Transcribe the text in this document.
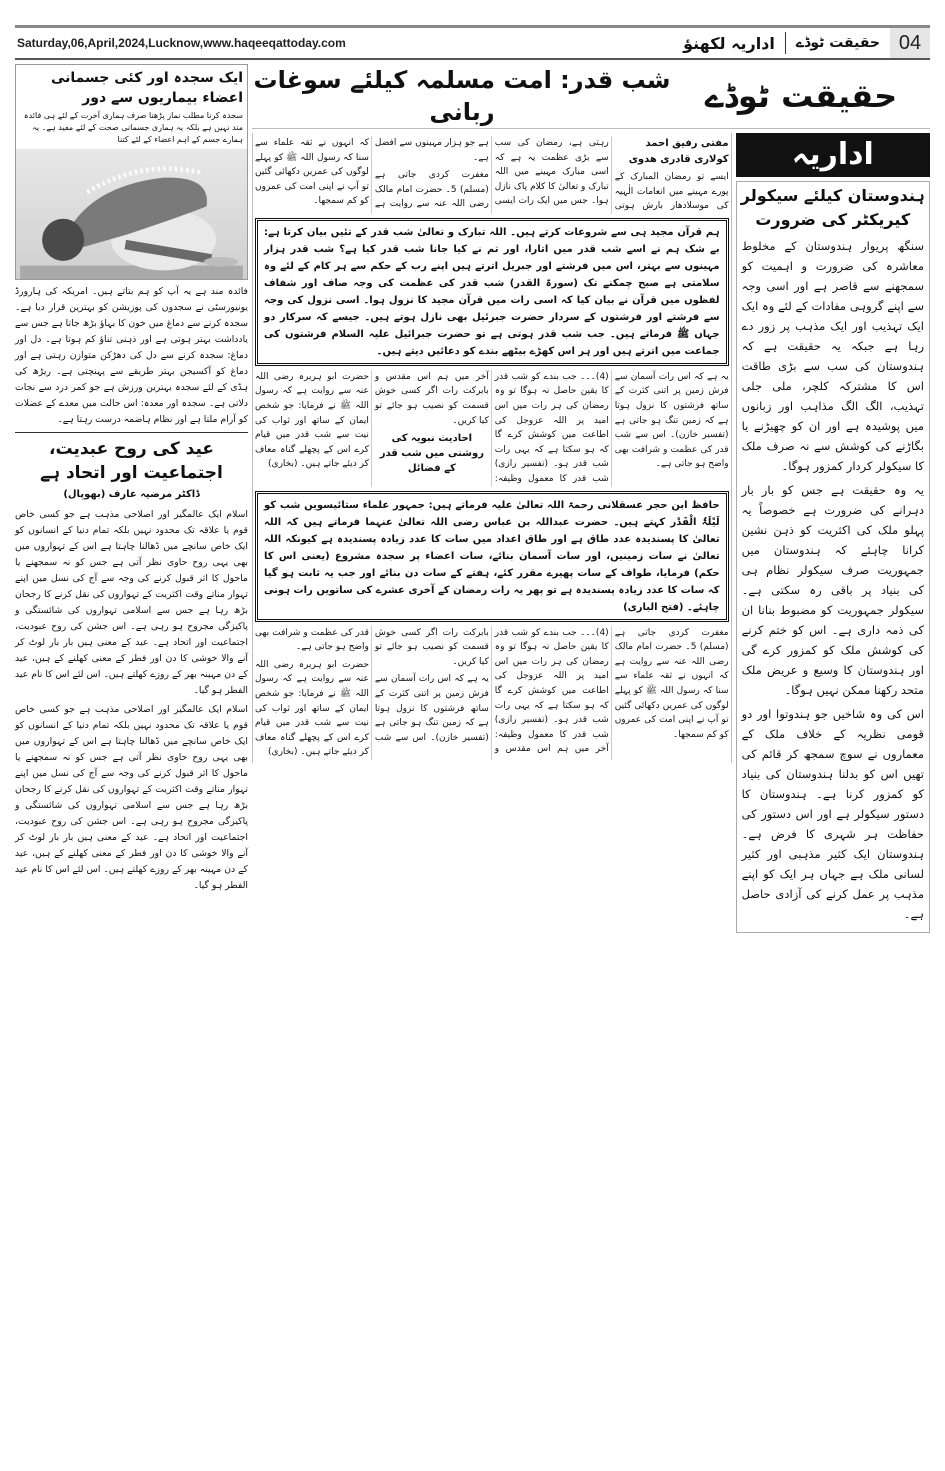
Saturday,06,April,2024,Lucknow,www.haqeeqattoday.com	اداریہ لکھنؤ حقیقت ٹوڈے 04
ایک سجدہ اور کئی جسمانی اعضاء بیماریوں سے دور

سجدہ کرنا مطلب نماز پڑھنا صرف ہماری آخرت کے لئے ہی فائدہ مند نہیں ہے بلکہ یہ ہماری جسمانی صحت کے لئے مفید ہے۔ یہ ہمارے جسم کے اہم اعضاء کے لئے کتنا

فائدہ مند ہے یہ آپ کو ہم بتاتے ہیں۔ امریکہ کی ہارورڈ یونیورسٹی نے سجدوں کی پوزیشن کو بہترین قرار دیا ہے۔ سجدہ کرنے سے دماغ میں خون کا بہاؤ بڑھ جاتا ہے جس سے یادداشت بہتر ہوتی ہے اور ذہنی تناؤ کم ہوتا ہے۔ دل اور دماغ: سجدہ کرنے سے دل کی دھڑکن متوازن رہتی ہے اور دماغ کو آکسیجن بہتر طریقے سے پہنچتی ہے۔ ریڑھ کی ہڈی کے لئے سجدہ بہترین ورزش ہے جو کمر درد سے نجات دلاتی ہے۔ سجدہ اور معدہ: اس حالت میں معدے کے عضلات کو آرام ملتا ہے اور نظام ہاضمہ درست رہتا ہے۔
عید کی روح عبدیت، اجتماعیت اور اتحاد ہے
ڈاکٹر مرضیہ عارف (بھوپال)

اسلام ایک عالمگیر اور اصلاحی مذہب ہے جو کسی خاص قوم یا علاقہ تک محدود نہیں بلکہ تمام دنیا کے انسانوں کو ایک خاص سانچے میں ڈھالنا چاہتا ہے اس کے تہواروں میں بھی یہی روح حاوی نظر آتی ہے جس کو نہ سمجھنے یا ماحول کا اثر قبول کرنے کی وجہ سے آج کی نسل میں اپنے تہوار مناتے وقت اکثریت کے تہواروں کی نقل کرنے کا رجحان بڑھ رہا ہے جس سے اسلامی تہواروں کی شائستگی و پاکیزگی مجروح ہو رہی ہے۔ اس جشن کی روح عبودیت، اجتماعیت اور اتحاد ہے۔ عید کے معنی ہیں بار بار لوٹ کر آنے والا خوشی کا دن اور فطر کے معنی کھلنے کے ہیں، عید کے دن مہینہ بھر کے روزے کھلتے ہیں۔ اس لئے اس کا نام عید الفطر ہو گیا۔

اسلام ایک عالمگیر اور اصلاحی مذہب ہے جو کسی خاص قوم یا علاقہ تک محدود نہیں بلکہ تمام دنیا کے انسانوں کو ایک خاص سانچے میں ڈھالنا چاہتا ہے اس کے تہواروں میں بھی یہی روح حاوی نظر آتی ہے جس کو نہ سمجھنے یا ماحول کا اثر قبول کرنے کی وجہ سے آج کی نسل میں اپنے تہوار مناتے وقت اکثریت کے تہواروں کی نقل کرنے کا رجحان بڑھ رہا ہے جس سے اسلامی تہواروں کی شائستگی و پاکیزگی مجروح ہو رہی ہے۔ اس جشن کی روح عبودیت، اجتماعیت اور اتحاد ہے۔ عید کے معنی ہیں بار بار لوٹ کر آنے والا خوشی کا دن اور فطر کے معنی کھلنے کے ہیں، عید کے دن مہینہ بھر کے روزے کھلتے ہیں۔ اس لئے اس کا نام عید الفطر ہو گیا۔

شب قدر: امت مسلمہ کیلئے سوغات ربانی	حقیقت ٹوڈے
مفتی رفیق احمد کولاری قادری ھدوی

ایسے تو رمضان المبارک کے پورے مہینے میں انعامات الٰہیہ کی موسلادھار بارش ہوتی رہتی ہے، رمضان کی سب سے بڑی عظمت یہ ہے کہ اسی مبارک مہینے میں اللہ تبارک و تعالیٰ کا کلام پاک نازل ہوا۔ جس میں ایک رات ایسی ہے جو ہزار مہینوں سے افضل ہے۔

مغفرت کردی جاتی ہے (مسلم) 5۔ حضرت امام مالک رضی اللہ عنہ سے روایت ہے کہ انہوں نے ثقہ علماء سے سنا کہ رسول اللہ ﷺ کو پہلے لوگوں کی عمریں دکھائی گئیں تو آپ نے اپنی امت کی عمروں کو کم سمجھا۔

ہم قرآن مجید ہی سے شروعات کرتے ہیں۔ اللہ تبارک و تعالیٰ شب قدر کے تئیں بیان کرتا ہے: بے شک ہم نے اسے شب قدر میں اتارا، اور تم نے کیا جانا شب قدر کیا ہے؟ شب قدر ہزار مہینوں سے بہتر، اس میں فرشتے اور جبریل اترتے ہیں اپنے رب کے حکم سے ہر کام کے لئے وہ سلامتی ہے صبح چمکنے تک (سورۃ القدر) شب قدر کی عظمت کی وجہ صاف اور شفاف لفظوں میں قرآن نے بیان کیا کہ اسی رات میں قرآن مجید کا نزول ہوا۔ اسی نزول کی وجہ سے فرشتے اور فرشتوں کے سردار حضرت جبرئیل بھی نازل ہوتے ہیں۔ جیسے کہ سرکار دو جہاں ﷺ فرماتے ہیں۔ جب شب قدر ہوتی ہے تو حضرت جبرائیل علیہ السلام فرشتوں کی جماعت میں اترتے ہیں اور ہر اس کھڑے بیٹھے بندے کو دعائیں دیتے ہیں۔

یہ ہے کہ اس رات آسمان سے فرش زمین پر اتنی کثرت کے ساتھ فرشتوں کا نزول ہوتا ہے کہ زمین تنگ ہو جاتی ہے (تفسیر خازن)۔ اس سے شب قدر کی عظمت و شرافت بھی واضح ہو جاتی ہے۔

(4)۔۔۔ جب بندے کو شب قدر کا یقین حاصل نہ ہوگا تو وہ رمضان کی ہر رات میں اس امید پر اللہ عزوجل کی اطاعت میں کوشش کرے گا کہ ہو سکتا ہے کہ یہی رات شب قدر ہو۔ (تفسیر رازی) شب قدر کا معمول وظیفہ: آخر میں ہم اس مقدس و بابرکت رات اگر کسی خوش قسمت کو نصیب ہو جائے تو کیا کریں۔

احادیث نبویہ کی روشنی میں شب قدر کے فضائل

حضرت ابو ہریرہ رضی اللہ عنہ سے روایت ہے کہ رسول اللہ ﷺ نے فرمایا: جو شخص ایمان کے ساتھ اور ثواب کی نیت سے شب قدر میں قیام کرے اس کے پچھلے گناہ معاف کر دیئے جاتے ہیں۔ (بخاری)

حافظ ابن حجر عسقلانی رحمۃ اللہ تعالیٰ علیہ فرماتے ہیں: جمہور علماء ستائیسویں شب کو لَیْلَۃُ الْقَدْر کہتے ہیں۔ حضرت عبداللہ بن عباس رضی اللہ تعالیٰ عنہما فرماتے ہیں کہ اللہ تعالیٰ کا پسندیدہ عدد طاق ہے اور طاق اعداد میں سات کا عدد زیادہ پسندیدہ ہے کیونکہ اللہ تعالیٰ نے سات زمینیں، اور سات آسمان بنائے، سات اعضاء پر سجدہ مشروع (یعنی اس کا حکم) فرمایا، طواف کے سات پھیرے مقرر کئے، ہفتے کے سات دن بنائے اور جب یہ ثابت ہو گیا کہ سات کا عدد زیادہ پسندیدہ ہے تو پھر یہ رات رمضان کے آخری عشرے کی ساتویں رات ہونی چاہئے۔ (فتح الباری)

مغفرت کردی جاتی ہے (مسلم) 5۔ حضرت امام مالک رضی اللہ عنہ سے روایت ہے کہ انہوں نے ثقہ علماء سے سنا کہ رسول اللہ ﷺ کو پہلے لوگوں کی عمریں دکھائی گئیں تو آپ نے اپنی امت کی عمروں کو کم سمجھا۔

(4)۔۔۔ جب بندے کو شب قدر کا یقین حاصل نہ ہوگا تو وہ رمضان کی ہر رات میں اس امید پر اللہ عزوجل کی اطاعت میں کوشش کرے گا کہ ہو سکتا ہے کہ یہی رات شب قدر ہو۔ (تفسیر رازی) شب قدر کا معمول وظیفہ: آخر میں ہم اس مقدس و بابرکت رات اگر کسی خوش قسمت کو نصیب ہو جائے تو کیا کریں۔

یہ ہے کہ اس رات آسمان سے فرش زمین پر اتنی کثرت کے ساتھ فرشتوں کا نزول ہوتا ہے کہ زمین تنگ ہو جاتی ہے (تفسیر خازن)۔ اس سے شب قدر کی عظمت و شرافت بھی واضح ہو جاتی ہے۔

حضرت ابو ہریرہ رضی اللہ عنہ سے روایت ہے کہ رسول اللہ ﷺ نے فرمایا: جو شخص ایمان کے ساتھ اور ثواب کی نیت سے شب قدر میں قیام کرے اس کے پچھلے گناہ معاف کر دیئے جاتے ہیں۔ (بخاری)

اداریہ
ہندوستان کیلئے سیکولر کیریکٹر کی ضرورت

سنگھ پریوار ہندوستان کے مخلوط معاشرہ کی ضرورت و اہمیت کو سمجھنے سے قاصر ہے اور اسی وجہ سے اپنے گروہی مفادات کے لئے وہ ایک ایک تہذیب اور ایک مذہب پر زور دے رہا ہے جبکہ یہ حقیقت ہے کہ ہندوستان کی سب سے بڑی طاقت اس کا مشترکہ کلچر، ملی جلی تہذیب، الگ الگ مذاہب اور زبانوں میں پوشیدہ ہے اور ان کو چھیڑنے یا بگاڑنے کی کوشش سے نہ صرف ملک کا سیکولر کردار کمزور ہوگا۔

یہ وہ حقیقت ہے جس کو بار بار دہرانے کی ضرورت ہے خصوصاً یہ پہلو ملک کی اکثریت کو ذہن نشین کرانا چاہئے کہ ہندوستان میں جمہوریت صرف سیکولر نظام ہی کی بنیاد پر باقی رہ سکتی ہے۔ سیکولر جمہوریت کو مضبوط بنانا ان کی ذمہ داری ہے۔ اس کو ختم کرنے کی کوشش ملک کو کمزور کرے گی اور ہندوستان کا وسیع و عریض ملک متحد رکھنا ممکن نہیں ہوگا۔

اس کی وہ شاخیں جو ہندوتوا اور دو قومی نظریہ کے خلاف ملک کے معماروں نے سوچ سمجھ کر قائم کی تھیں اس کو بدلنا ہندوستان کی بنیاد کو کمزور کرنا ہے۔ ہندوستان کا دستور سیکولر ہے اور اس دستور کی حفاظت ہر شہری کا فرض ہے۔ ہندوستان ایک کثیر مذہبی اور کثیر لسانی ملک ہے جہاں ہر ایک کو اپنے مذہب پر عمل کرنے کی آزادی حاصل ہے۔
